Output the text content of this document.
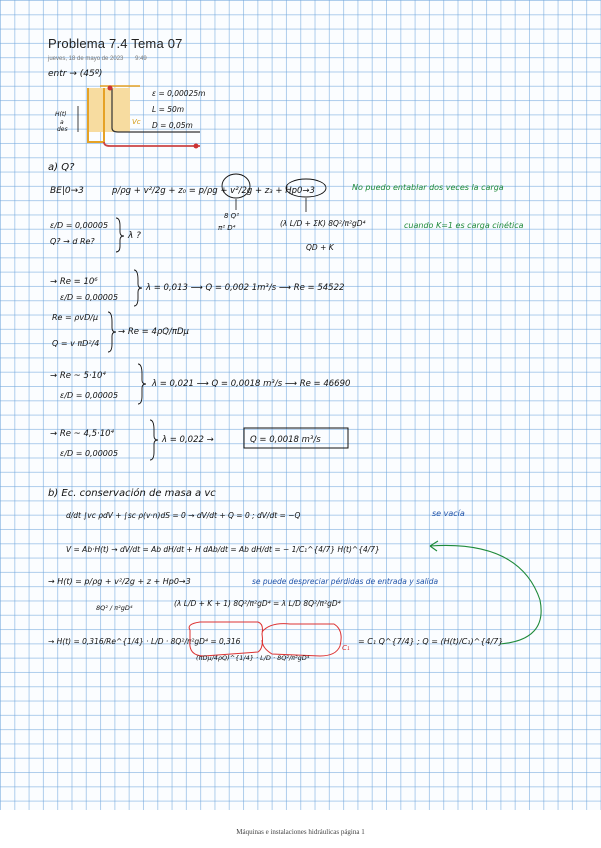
Problema 7.4 Tema 07
jueves, 18 de mayo de 2023 9:49
entr → (45º)
H(t)
a
des
Vc
ε = 0,00025m
L = 50m
D = 0,05m
a) Q?
BE|0→3	p/ρg + v²/2g + z₀ = p/ρg + v²/2g + z₃ + Hp0→3
8 Q²
π² D⁴	(λ L/D + ΣK) 8Q²/π²gD⁴
QD + K
No puedo entablar dos veces la carga
cuando K=1 es carga cinética
ε/D = 0,00005
Q? → d Re?
λ ?
→ Re = 10⁶
ε/D = 0,00005
λ = 0,013 ⟶ Q = 0,002 1m³/s ⟶ Re = 54522
Re = ρvD/μ
Q = v πD²/4
→ Re = 4ρQ/πDμ
→ Re ~ 5·10⁴
ε/D = 0,00005
λ = 0,021 ⟶ Q = 0,0018 m³/s ⟶ Re = 46690
→ Re ~ 4,5·10⁴
ε/D = 0,00005
λ = 0,022 →	Q = 0,0018 m³/s
b) Ec. conservación de masa a vc
d/dt ∫vc ρdV + ∫sc ρ(v·n)dS = 0 → dV/dt + Q = 0 ; dV/dt = −Q	se vacía
V = Ab·H(t) → dV/dt = Ab dH/dt + H dAb/dt = Ab dH/dt = − 1/C₁^{4/7} H(t)^{4/7}
→ H(t) = p/ρg + v²/2g + z + Hp0→3
8Q² / π²gD⁴	(λ L/D + K + 1) 8Q²/π²gD⁴ = λ L/D 8Q²/π²gD⁴
se puede despreciar pérdidas de entrada y salida
→ H(t) = 0,316/Re^{1/4} · L/D · 8Q²/π²gD⁴ = 0,316
(πDμ/4ρQ)^{1/4} · L/D · 8Q²/π²gD⁴
C₁
= C₁ Q^{7/4} ; Q = (H(t)/C₁)^{4/7}
Máquinas e instalaciones hidráulicas página 1
